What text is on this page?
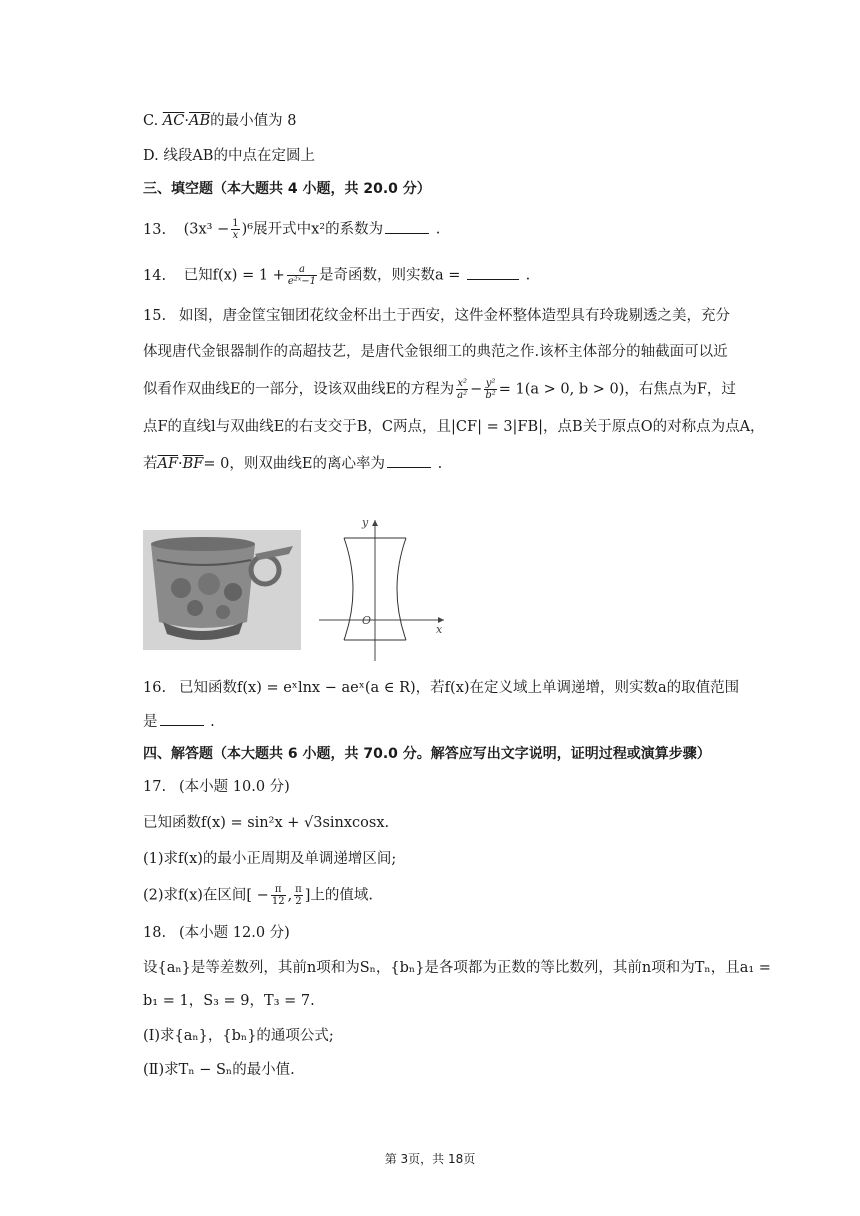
C. $\overline{AC}\cdot\overline{AB}$的最小值为 8
D. 线段AB的中点在定圆上
三、填空题（本大题共 4 小题，共 20.0 分）
13. $(3x^3 - \frac{1}{x} )^6$展开式中x²的系数为	.
14. 已知$f(x) = 1 + \frac{a}{\text{e²ˣ−1}}$ 是奇函数，则实数a =	.
15. 如图，唐金筐宝钿团花纹金杯出土于西安，这件金杯整体造型具有玲珑剔透之美，充分
体现唐代金银器制作的高超技艺，是唐代金银细工的典范之作.该杯主体部分的轴截面可以近
似看作双曲线E的一部分，设该双曲线E的方程为 $\frac{\text{x²}}{\text{a²}} - \frac{\text{y²}}{\text{b²}} = 1(a > 0$, b > 0)，右焦点为F，过
点F的直线l与双曲线E的右支交于B，C两点，且|CF| = 3|FB|，点B关于原点O的对称点为点A，
若$\overline{AF}\cdot\overline{BF}= 0$，则双曲线E的离心率为	.
y
x
O
16. 已知函数f(x) = eˣlnx − aeˣ(a ∈ R)，若f(x)在定义域上单调递增，则实数a的取值范围
是	.
四、解答题（本大题共 6 小题，共 70.0 分。解答应写出文字说明，证明过程或演算步骤）
17. (本小题 10.0 分)
已知函数f(x) = sin²x + √3sinxcosx.
(1)求f(x)的最小正周期及单调递增区间;
(2)求f(x)在区间[ − $\frac{\pi}{12}$ , $\frac{\pi}{2}$ ]上的值域.
18. (本小题 12.0 分)
设{aₙ}是等差数列，其前n项和为Sₙ，{bₙ}是各项都为正数的等比数列，其前n项和为Tₙ，且a₁ =
b₁ = 1，S₃ = 9，T₃ = 7.
(Ⅰ)求{aₙ}，{bₙ}的通项公式;
(Ⅱ)求Tₙ − Sₙ的最小值.
第 3页，共 18页
